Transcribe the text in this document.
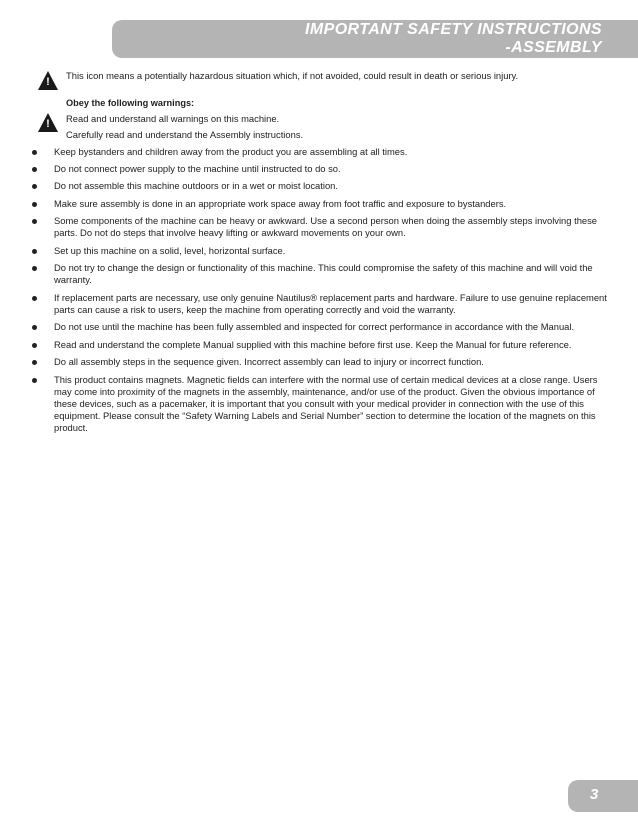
IMPORTANT SAFETY INSTRUCTIONS

-ASSEMBLY

!

This icon means a potentially hazardous situation which, if not avoided, could result in death or serious injury.

!

Obey the following warnings:

Read and understand all warnings on this machine.

Carefully read and understand the Assembly instructions.

Keep bystanders and children away from the product you are assembling at all times.
Do not connect power supply to the machine until instructed to do so.
Do not assemble this machine outdoors or in a wet or moist location.
Make sure assembly is done in an appropriate work space away from foot traffic and exposure to bystanders.
Some components of the machine can be heavy or awkward. Use a second person when doing the assembly steps involving these parts. Do not do steps that involve heavy lifting or awkward movements on your own.
Set up this machine on a solid, level, horizontal surface.
Do not try to change the design or functionality of this machine. This could compromise the safety of this machine and will void the warranty.
If replacement parts are necessary, use only genuine Nautilus® replacement parts and hardware. Failure to use genuine replacement parts can cause a risk to users, keep the machine from operating correctly and void the warranty.
Do not use until the machine has been fully assembled and inspected for correct performance in accordance with the Manual.
Read and understand the complete Manual supplied with this machine before first use. Keep the Manual for future reference.
Do all assembly steps in the sequence given. Incorrect assembly can lead to injury or incorrect function.
This product contains magnets. Magnetic fields can interfere with the normal use of certain medical devices at a close range. Users may come into proximity of the magnets in the assembly, maintenance, and/or use of the product. Given the obvious importance of these devices, such as a pacemaker, it is important that you consult with your medical provider in connection with the use of this equipment. Please consult the “Safety Warning Labels and Serial Number” section to determine the location of the magnets on this product.

3
